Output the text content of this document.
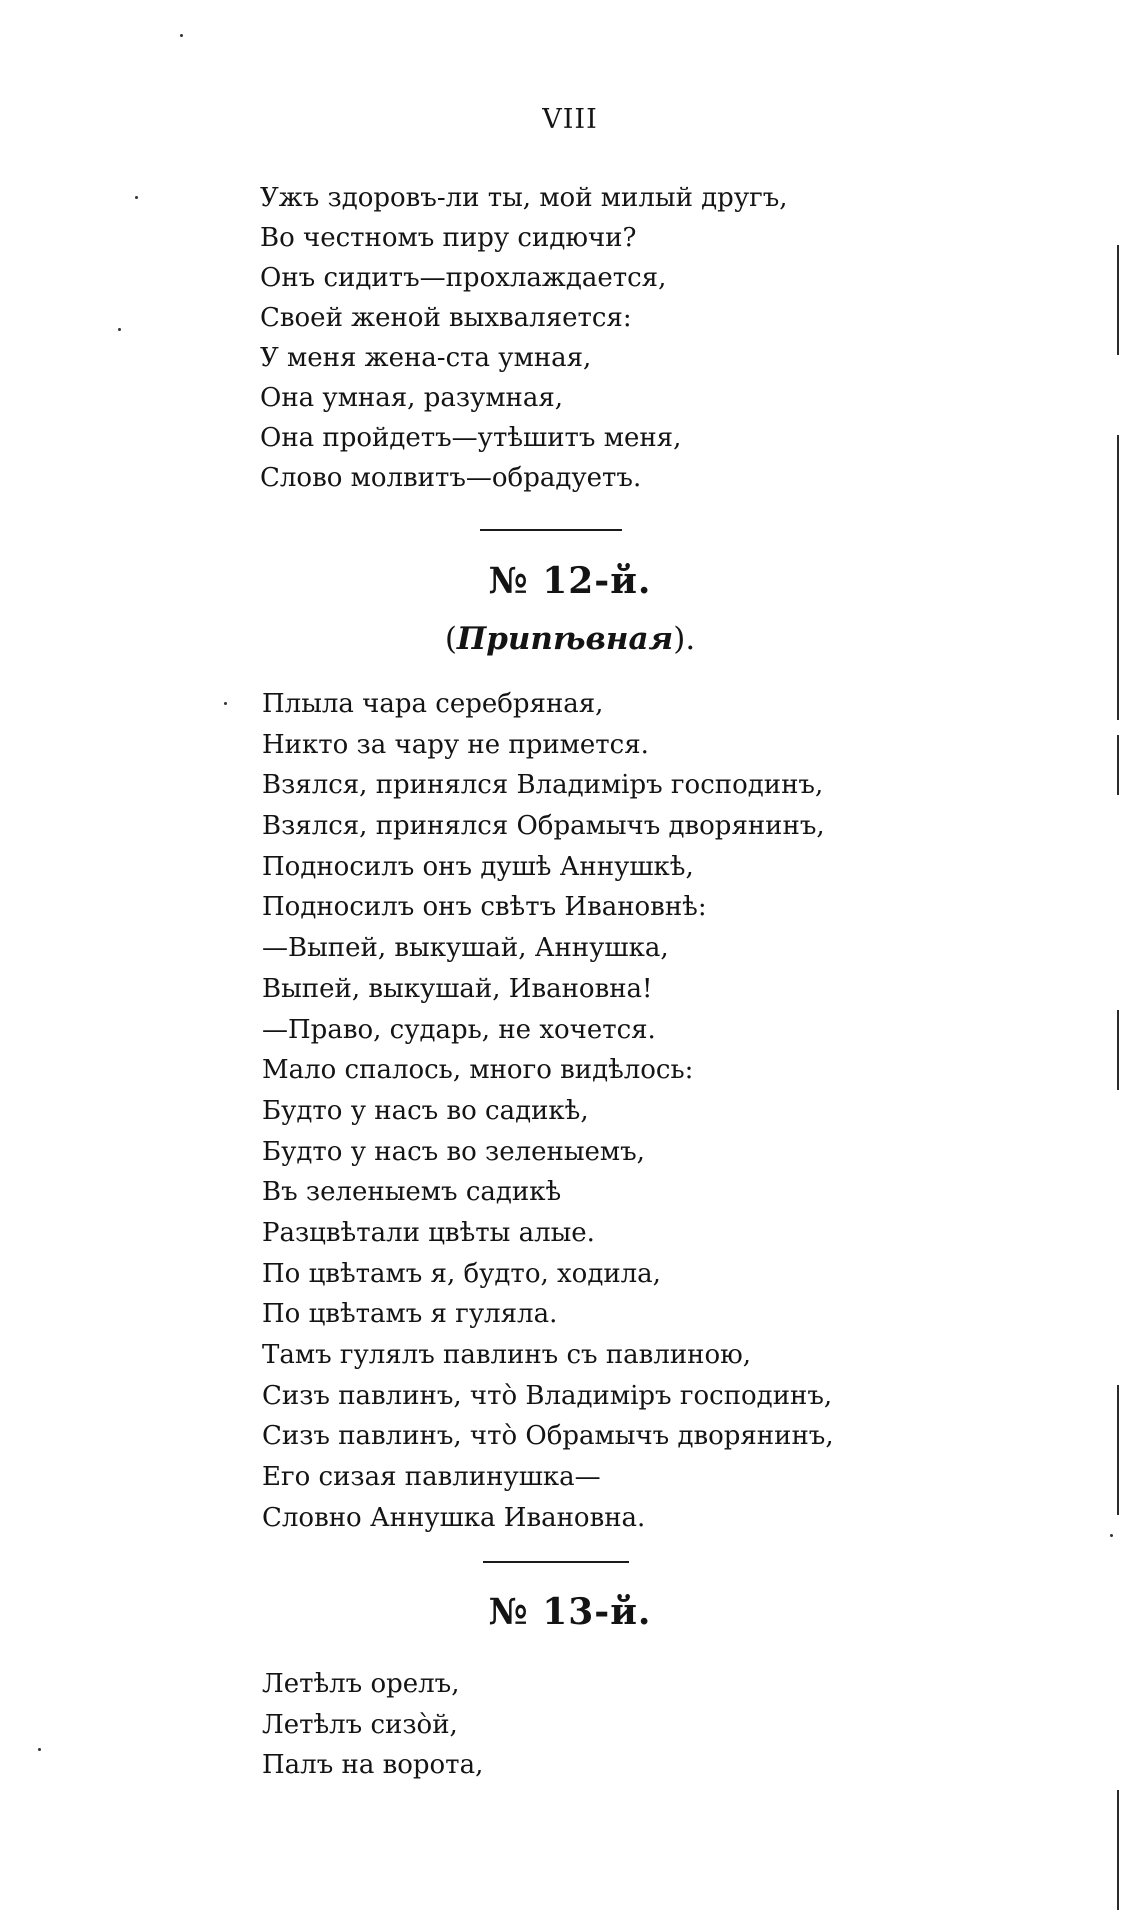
VIII
Ужъ здоровъ-ли ты, мой милый другъ,
Во честномъ пиру сидючи?
Онъ сидитъ—прохлаждается,
Своей женой выхваляется:
У меня жена-ста умная,
Она умная, разумная,
Она пройдетъ—утѣшитъ меня,
Слово молвитъ—обрадуетъ.
№ 12-й.
(Припѣвная).
Плыла чара серебряная,
Никто за чару не примется.
Взялся, принялся Владимiръ господинъ,
Взялся, принялся Обрамычъ дворянинъ,
Подносилъ онъ душѣ Аннушкѣ,
Подносилъ онъ свѣтъ Ивановнѣ:
—Выпей, выкушай, Аннушка,
Выпей, выкушай, Ивановна!
—Право, сударь, не хочется.
Мало спалось, много видѣлось:
Будто у насъ во садикѣ,
Будто у насъ во зеленыемъ,
Въ зеленыемъ садикѣ
Разцвѣтали цвѣты алые.
По цвѣтамъ я, будто, ходила,
По цвѣтамъ я гуляла.
Тамъ гулялъ павлинъ съ павлиною,
Сизъ павлинъ, что̀ Владимiръ господинъ,
Сизъ павлинъ, что̀ Обрамычъ дворянинъ,
Его сизая павлинушка—
Словно Аннушка Ивановна.
№ 13-й.
Летѣлъ орелъ,
Летѣлъ сизо̀й,
Палъ на ворота,
